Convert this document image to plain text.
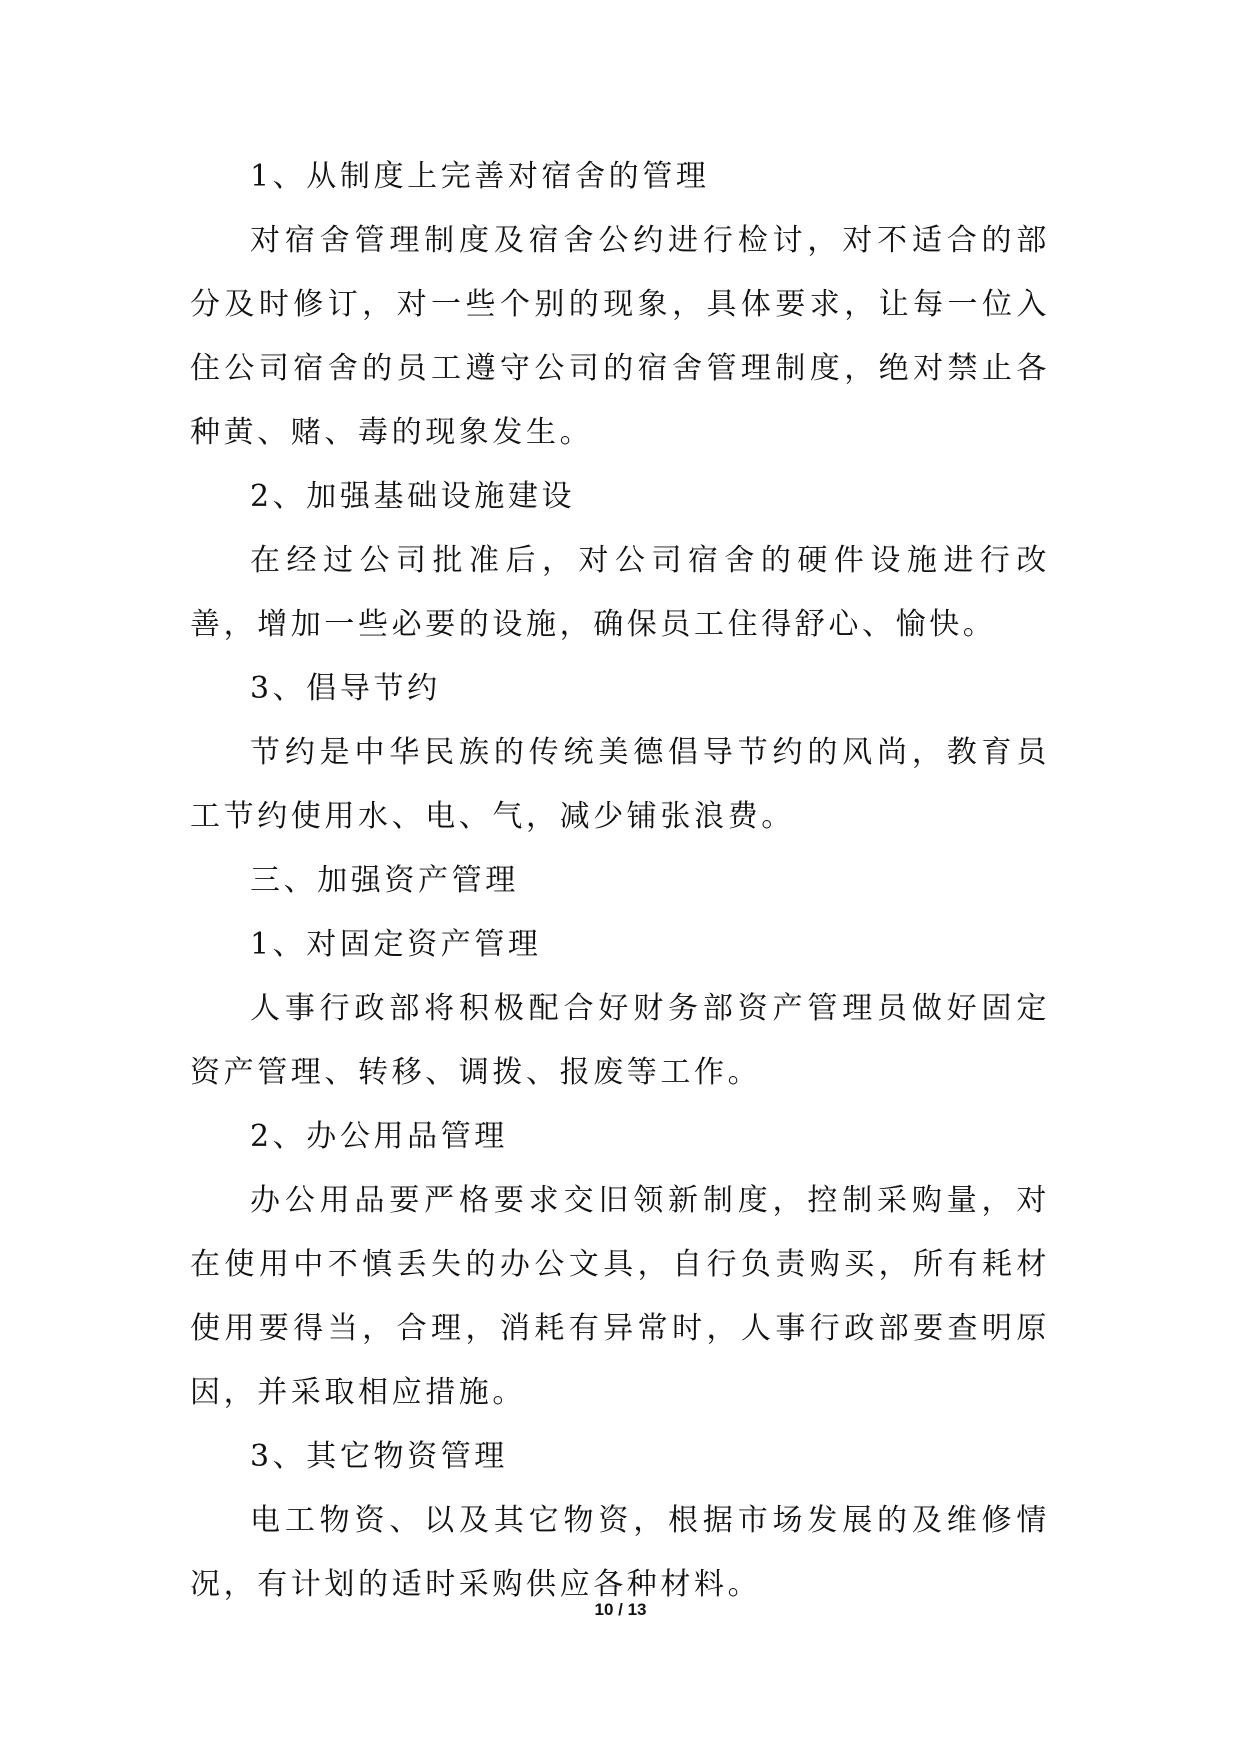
1、从制度上完善对宿舍的管理

对宿舍管理制度及宿舍公约进行检讨，对不适合的部分及时修订，对一些个别的现象，具体要求，让每一位入住公司宿舍的员工遵守公司的宿舍管理制度，绝对禁止各种黄、赌、毒的现象发生。

2、加强基础设施建设

在经过公司批准后，对公司宿舍的硬件设施进行改善，增加一些必要的设施，确保员工住得舒心、愉快。

3、倡导节约

节约是中华民族的传统美德倡导节约的风尚，教育员工节约使用水、电、气，减少铺张浪费。

三、加强资产管理

1、对固定资产管理

人事行政部将积极配合好财务部资产管理员做好固定资产管理、转移、调拨、报废等工作。

2、办公用品管理

办公用品要严格要求交旧领新制度，控制采购量，对在使用中不慎丢失的办公文具，自行负责购买，所有耗材使用要得当，合理，消耗有异常时，人事行政部要查明原因，并采取相应措施。

3、其它物资管理

电工物资、以及其它物资，根据市场发展的及维修情况，有计划的适时采购供应各种材料。

10 / 13
